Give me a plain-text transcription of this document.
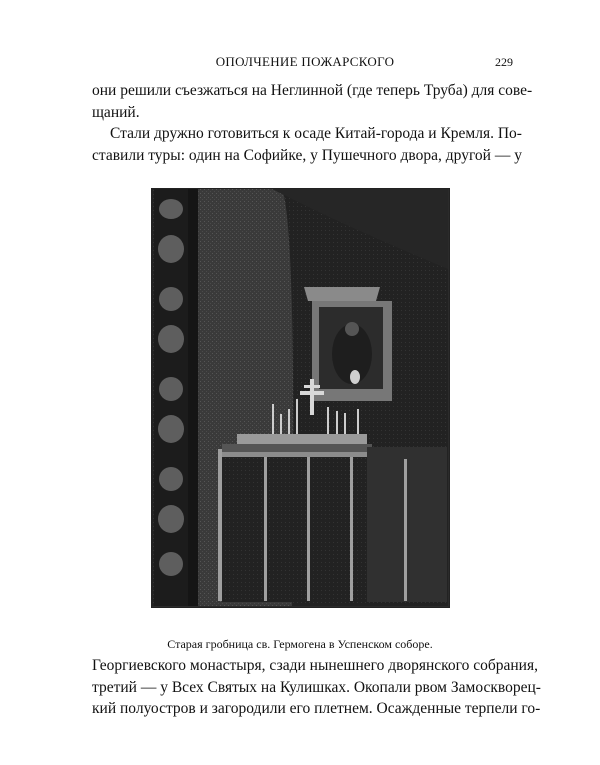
ОПОЛЧЕНИЕ ПОЖАРСКОГО	229
они решили съезжаться на Неглинной (где теперь Труба) для сове-
щаний.
Стали дружно готовиться к осаде Китай-города и Кремля. По-
ставили туры: один на Софийке, у Пушечного двора, другой — у
Старая гробница св. Гермогена в Успенском соборе.
Георгиевского монастыря, сзади нынешнего дворянского собрания,
третий — у Всех Святых на Кулишках. Окопали рвом Замоскворец-
кий полуостров и загородили его плетнем. Осажденные терпели го-
